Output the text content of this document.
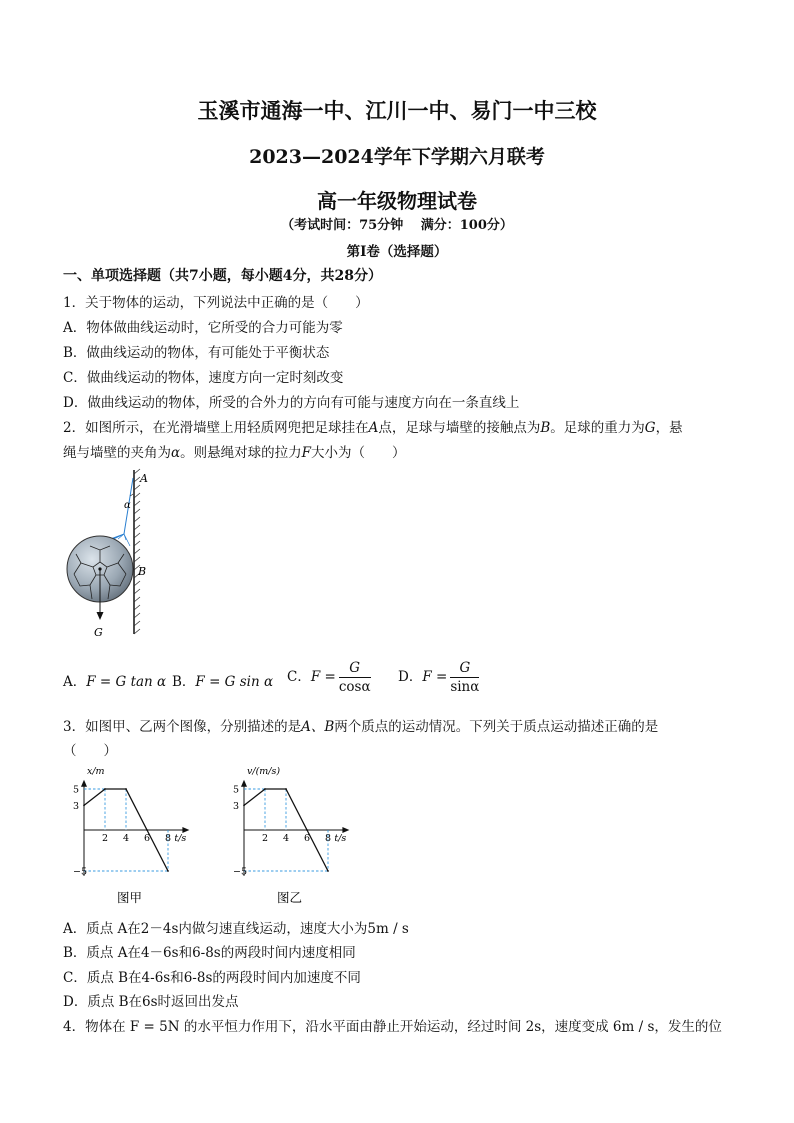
玉溪市通海一中、江川一中、易门一中三校
2023—2024学年下学期六月联考
高一年级物理试卷
（考试时间：75分钟　 满分：100分）
第Ⅰ卷（选择题）
一、单项选择题（共7小题，每小题4分，共28分）
1．关于物体的运动，下列说法中正确的是（　　）
A．物体做曲线运动时，它所受的合力可能为零
B．做曲线运动的物体，有可能处于平衡状态
C．做曲线运动的物体，速度方向一定时刻改变
D．做曲线运动的物体，所受的合外力的方向有可能与速度方向在一条直线上
2．如图所示，在光滑墙壁上用轻质网兜把足球挂在A点，足球与墙壁的接触点为B。足球的重力为G，悬
绳与墙壁的夹角为α。则悬绳对球的拉力F大小为（　　）
A
α
B
G
A．F = G tan α B．F = G sin α C．$F = \frac{G}{\cos\alpha}$ D．$F = \frac{G}{\sin\alpha}$
3．如图甲、乙两个图像，分别描述的是A、B两个质点的运动情况。下列关于质点运动描述正确的是
（　　）
2 4 6 8
5
3
−5
x/m
t/s
图甲
2 4 6 8
5
3
−5
v/(m/s)
t/s
图乙
A．质点 A在2－4s内做匀速直线运动，速度大小为5m / s
B．质点 A在4－6s和6-8s的两段时间内速度相同
C．质点 B在4-6s和6-8s的两段时间内加速度不同
D．质点 B在6s时返回出发点
4．物体在 F = 5N 的水平恒力作用下，沿水平面由静止开始运动，经过时间 2s，速度变成 6m / s，发生的位
